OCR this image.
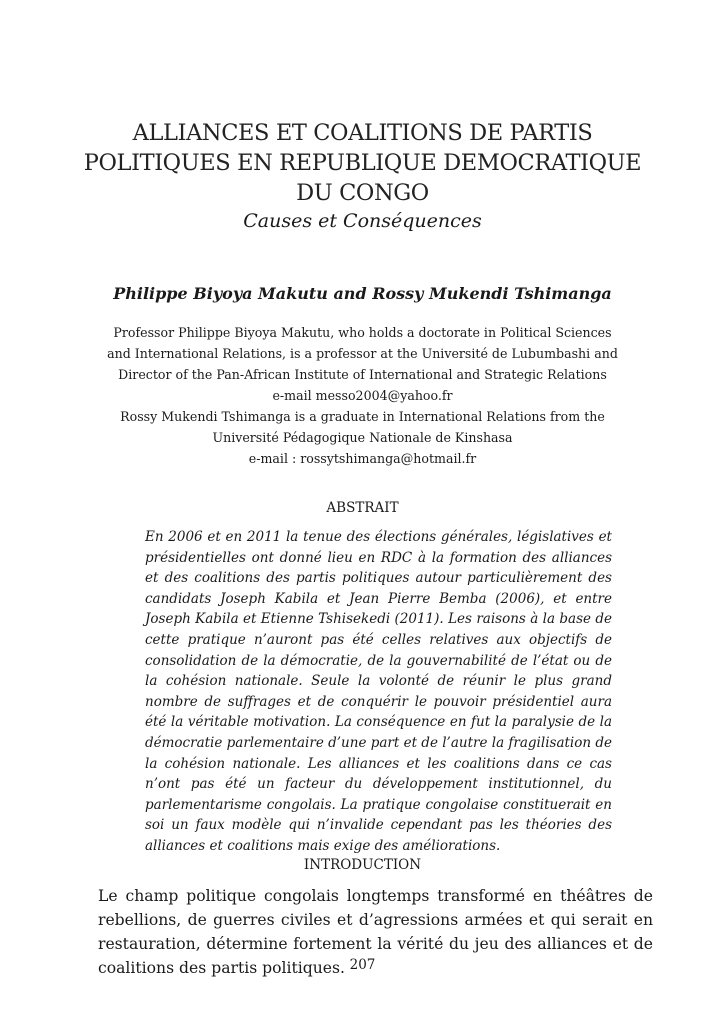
ALLIANCES ET COALITIONS DE PARTIS
POLITIQUES EN REPUBLIQUE DEMOCRATIQUE
DU CONGO
Causes et Conséquences
Philippe Biyoya Makutu and Rossy Mukendi Tshimanga
Professor Philippe Biyoya Makutu, who holds a doctorate in Political Sciences
and International Relations, is a professor at the Université de Lubumbashi and
Director of the Pan-African Institute of International and Strategic Relations
e-mail messo2004@yahoo.fr
Rossy Mukendi Tshimanga is a graduate in International Relations from the
Université Pédagogique Nationale de Kinshasa
e-mail : rossytshimanga@hotmail.fr
ABSTRAIT
En 2006 et en 2011 la tenue des élections générales, législatives et présidentielles ont donné lieu en RDC à la formation des alliances et des coalitions des partis politiques autour particulièrement des candidats Joseph Kabila et Jean Pierre Bemba (2006), et entre Joseph Kabila et Etienne Tshisekedi (2011). Les raisons à la base de cette pratique n’auront pas été celles relatives aux objectifs de consolidation de la démocratie, de la gouvernabilité de l’état ou de la cohésion nationale. Seule la volonté de réunir le plus grand nombre de suffrages et de conquérir le pouvoir présidentiel aura été la véritable motivation. La conséquence en fut la paralysie de la démocratie parlementaire d’une part et de l’autre la fragilisation de la cohésion nationale. Les alliances et les coalitions dans ce cas n’ont pas été un facteur du développement institutionnel, du parlementarisme congolais. La pratique congolaise constituerait en soi un faux modèle qui n’invalide cependant pas les théories des alliances et coalitions mais exige des améliorations.
INTRODUCTION
Le champ politique congolais longtemps transformé en théâtres de rebellions, de guerres civiles et d’agressions armées et qui serait en restauration, détermine fortement la vérité du jeu des alliances et de coalitions des partis politiques. 207
